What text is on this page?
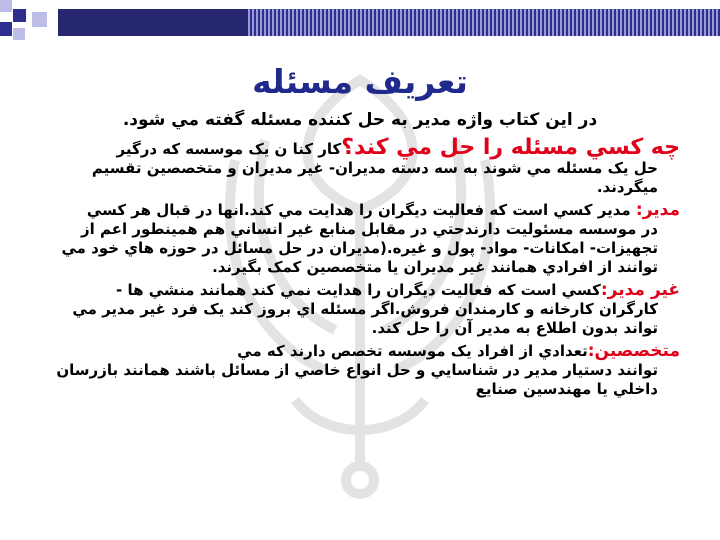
تعريف مسئله

در اين كتاب واژه مدير به حل كننده مسئله گفته مي شود.

چه کسي مسئله را حل مي کند؟كار كنا ن يک موسسه که درگير
حل يک مسئله مي شوند به سه دسته مديران- غير مديران و متخصصين تقسيم ميگردند.

مدير: مدير كسي است که فعاليت ديگران را هدايت مي كند.انها در قبال هر كسي
در موسسه مسئوليت دارندحتي در مقابل منابع غير انساني هم همينطور اعم از تجهيزات- امكانات- مواد- پول و غيره.(مديران در حل مسائل در حوزه هاي خود مي توانند از افرادي همانند غير مديران يا متخصصين كمک بگيرند.

غير مدير:كسي است که فعاليت ديگران را هدايت نمي كند همانند منشي ها -
كارگران كارخانه و كارمندان فروش.اگر مسئله اي بروز كند يک فرد غير مدير مي تواند بدون اطلاع به مدير آن را حل كند.

متخصصين:تعدادي از افراد يک موسسه تخصص دارند که مي
توانند دستيار مدير در شناسايي و حل انواع خاصي از مسائل باشند همانند بازرسان داخلي يا مهندسين صنايع
